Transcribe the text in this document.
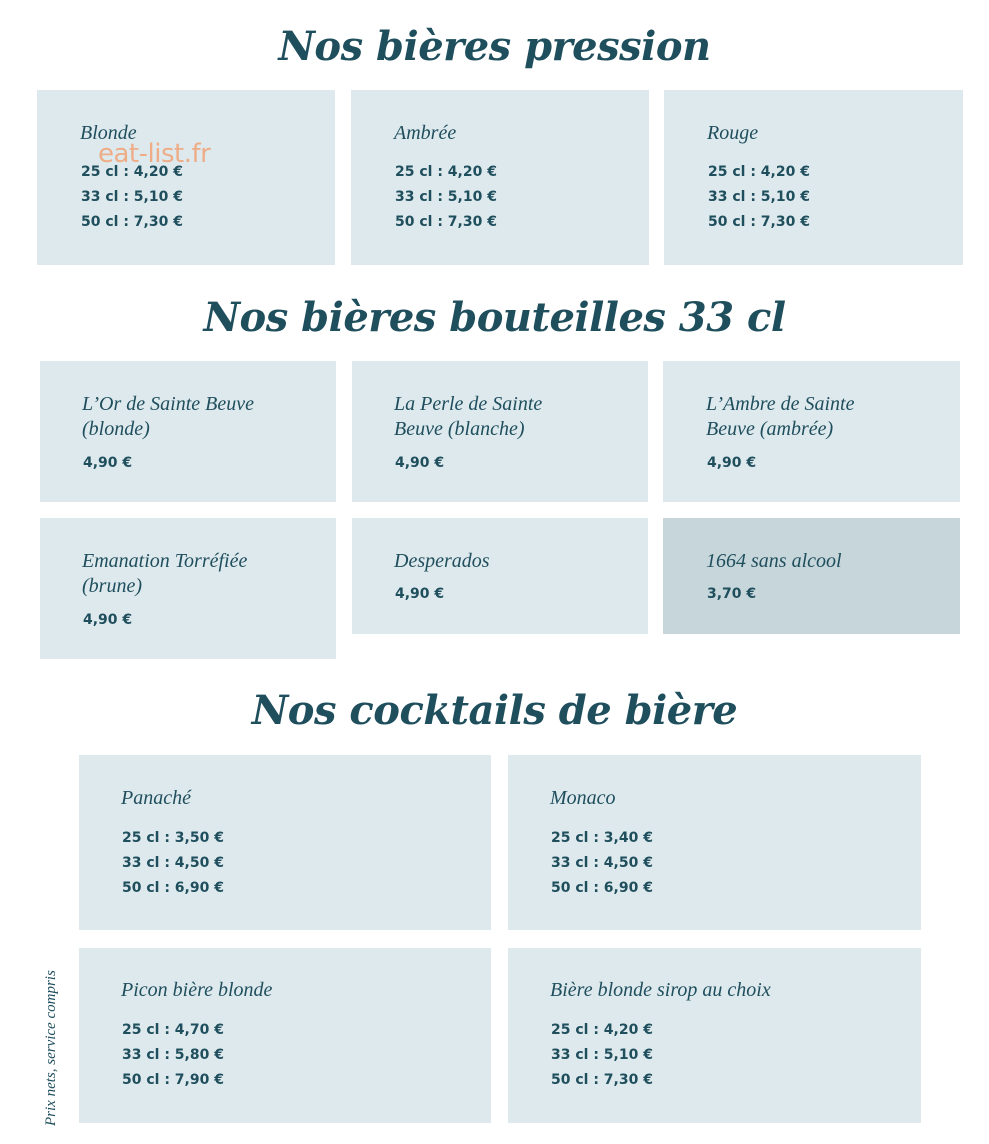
Nos bières pression
Blonde
25 cl : 4,20 €
33 cl : 5,10 €
50 cl : 7,30 €
Ambrée
25 cl : 4,20 €
33 cl : 5,10 €
50 cl : 7,30 €
Rouge
25 cl : 4,20 €
33 cl : 5,10 €
50 cl : 7,30 €
eat-list.fr
Nos bières bouteilles 33 cl
L’Or de Sainte Beuve
(blonde)
4,90 €
La Perle de Sainte
Beuve (blanche)
4,90 €
L’Ambre de Sainte
Beuve (ambrée)
4,90 €
Emanation Torréfiée
(brune)
4,90 €
Desperados
4,90 €
1664 sans alcool
3,70 €
Nos cocktails de bière
Panaché
25 cl : 3,50 €
33 cl : 4,50 €
50 cl : 6,90 €
Monaco
25 cl : 3,40 €
33 cl : 4,50 €
50 cl : 6,90 €
Picon bière blonde
25 cl : 4,70 €
33 cl : 5,80 €
50 cl : 7,90 €
Bière blonde sirop au choix
25 cl : 4,20 €
33 cl : 5,10 €
50 cl : 7,30 €
Prix nets, service compris
